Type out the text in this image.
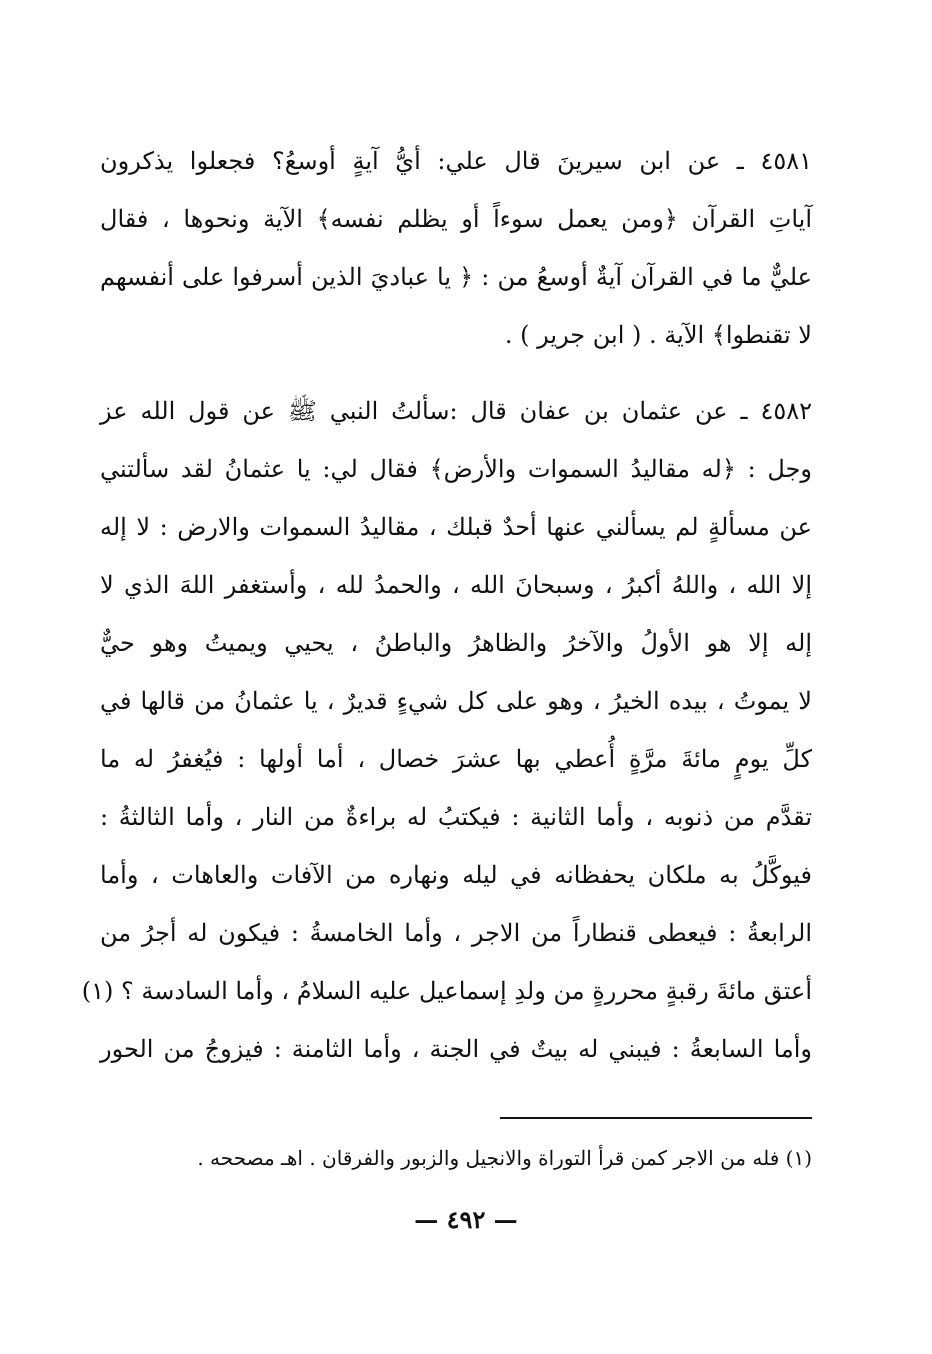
٤٥٨١ ـ عن ابن سيرينَ قال علي: أيُّ آيةٍ أوسعُ؟ فجعلوا يذكرون
آياتِ القرآن ﴿ومن يعمل سوءاً أو يظلم نفسه﴾ الآية ونحوها ، فقال
عليٌّ ما في القرآن آيةٌ أوسعُ من : ﴿ يا عباديَ الذين أسرفوا على أنفسهم
لا تقنطوا﴾ الآية . ( ابن جرير ) .
٤٥٨٢ ـ عن عثمان بن عفان قال :سألتُ النبي ﷺ عن قول الله عز
وجل : ﴿له مقاليدُ السموات والأرض﴾ فقال لي: يا عثمانُ لقد سألتني
عن مسألةٍ لم يسألني عنها أحدٌ قبلك ، مقاليدُ السموات والارض : لا إله
إلا الله ، واللهُ أكبرُ ، وسبحانَ الله ، والحمدُ لله ، وأستغفر اللهَ الذي لا
إله إلا هو الأولُ والآخرُ والظاهرُ والباطنُ ، يحيي ويميتُ وهو حيٌّ
لا يموتُ ، بيده الخيرُ ، وهو على كل شيءٍ قديرٌ ، يا عثمانُ من قالها في
كلِّ يومٍ مائةَ مرَّةٍ أُعطي بها عشرَ خصال ، أما أولها : فيُغفرُ له ما
تقدَّم من ذنوبه ، وأما الثانية : فيكتبُ له براءةٌ من النار ، وأما الثالثةُ :
فيوكَّلُ به ملكان يحفظانه في ليله ونهاره من الآفات والعاهات ، وأما
الرابعةُ : فيعطى قنطاراً من الاجر ، وأما الخامسةُ : فيكون له أجرُ من
أعتق مائةَ رقبةٍ محررةٍ من ولدِ إسماعيل عليه السلامُ ، وأما السادسة ؟ (١)
وأما السابعةُ : فيبني له بيتٌ في الجنة ، وأما الثامنة : فيزوجُ من الحور
(١) فله من الاجر كمن قرأ التوراة والانجيل والزبور والفرقان . اهـ مصححه .
— ٤٩٢ —
